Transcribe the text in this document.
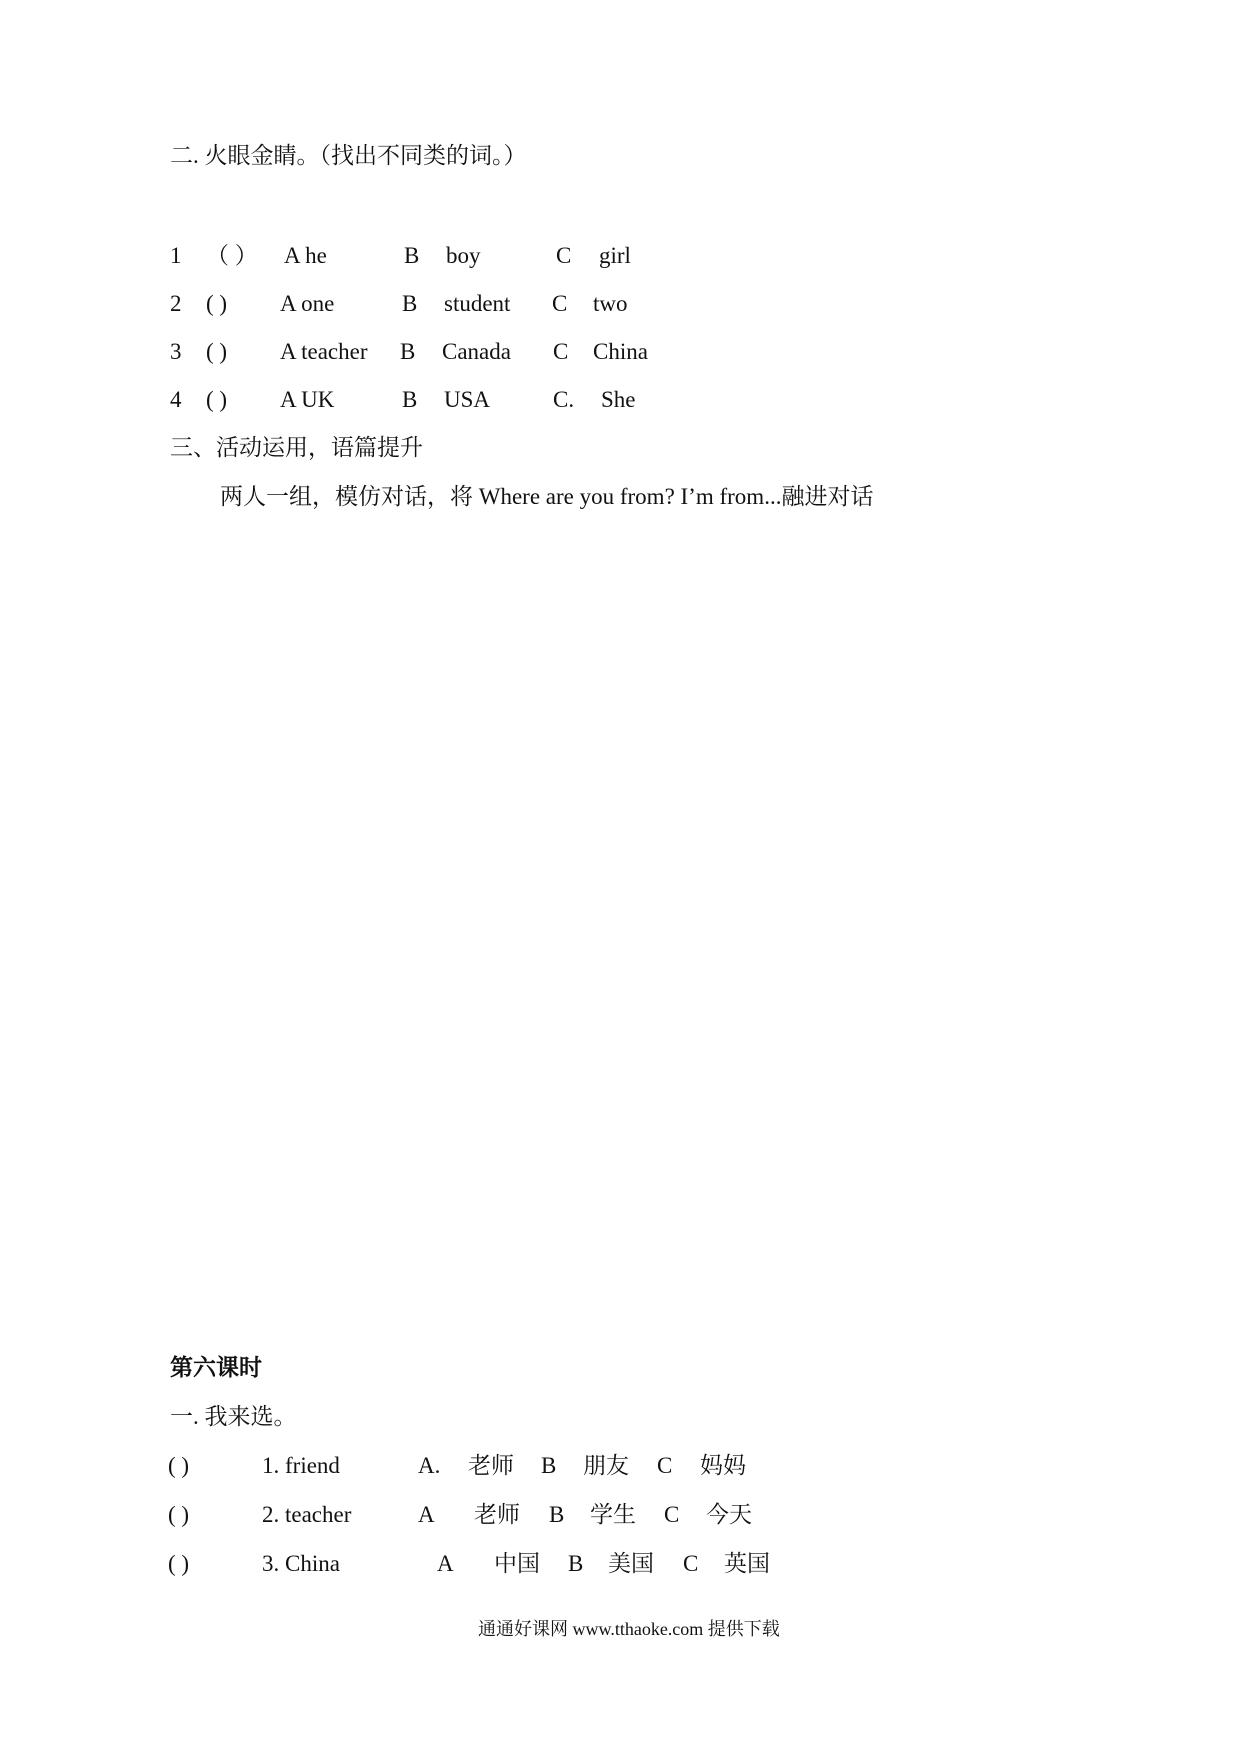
二. 火眼金睛。（找出不同类的词。）
1 （ ） A he	B boy	C girl
2 ( ) A one	B student C two
3 ( ) A teacher B Canada C China
4 ( ) A UK	B USA	C. She
三、活动运用，语篇提升
两人一组，模仿对话，将 Where are you from? I’m from...融进对话
第六课时
一. 我来选。
( )	1. friend	A. 老师 B 朋友 C 妈妈
( )	2. teacher	A 老师 B 学生 C 今天
( )	3. China	A 中国 B 美国 C 英国
通通好课网 www.tthaoke.com 提供下载
